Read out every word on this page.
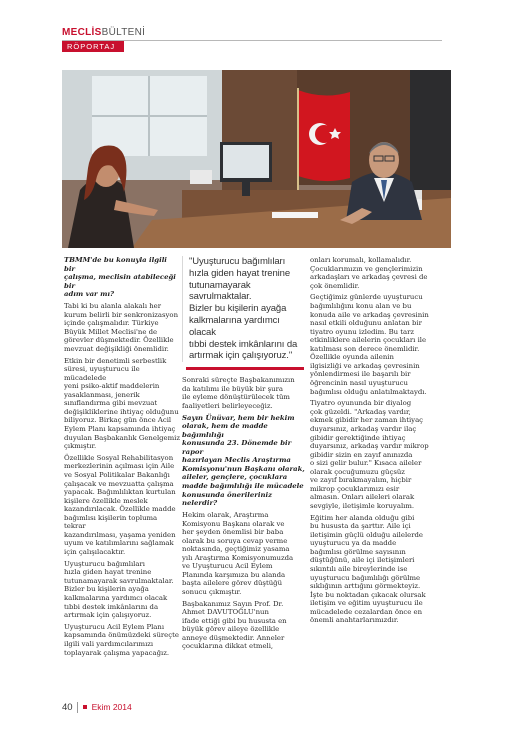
MECLİSBÜLTENİ
RÖPORTAJ

TBMM'de bu konuyla ilgili bir
çalışma, meclisin atabileceği bir
adım var mı?

Tabi ki bu alanla alakalı her
kurum belirli bir senkronizasyon
içinde çalışmalıdır. Türkiye
Büyük Millet Meclisi'ne de
görevler düşmektedir. Özellikle
mevzuat değişikliği önemlidir.

Etkin bir denetimli serbestlik
süresi, uyuşturucu ile mücadelede
yeni psiko-aktif maddelerin
yasaklanması, jenerik
sınıflandırma gibi mevzuat
değişikliklerine ihtiyaç olduğunu
biliyoruz. Birkaç gün önce Acil
Eylem Planı kapsamında ihtiyaç
duyulan Başbakanlık Genelgemiz
çıkmıştır.

Özellikle Sosyal Rehabilitasyon
merkezlerinin açılması için Aile
ve Sosyal Politikalar Bakanlığı
çalışacak ve mevzuatta çalışma
yapacak. Bağımlılıktan kurtulan
kişilere özellikle meslek
kazandırılacak. Özellikle madde
bağımlısı kişilerin topluma tekrar
kazandırılması, yaşama yeniden
uyum ve katılımlarını sağlamak
için çalışılacaktır.

Uyuşturucu bağımlıları
hızla giden hayat trenine
tutunamayarak savrulmaktalar.
Bizler bu kişilerin ayağa
kalkmalarına yardımcı olacak
tıbbi destek imkânlarını da
artırmak için çalışıyoruz.

Uyuşturucu Acil Eylem Planı
kapsamında önümüzdeki süreçte
ilgili vali yardımcılarımızı
toplayarak çalışma yapacağız.

"Uyuşturucu bağımlıları
hızla giden hayat trenine
tutunamayarak savrulmaktalar.
Bizler bu kişilerin ayağa
kalkmalarına yardımcı olacak
tıbbi destek imkânlarını da
artırmak için çalışıyoruz."

Sonraki süreçte Başbakanımızın
da katılımı ile büyük bir şura
ile eyleme dönüştürülecek tüm
faaliyetleri belirleyeceğiz.

Sayın Ünüvar, hem bir hekim
olarak, hem de madde bağımlılığı
konusunda 23. Dönemde bir rapor
hazırlayan Meclis Araştırma
Komisyonu'nun Başkanı olarak,
aileler, gençlere, çocuklara
madde bağımlılığı ile mücadele
konusunda önerileriniz nelerdir?

Hekim olarak, Araştırma
Komisyonu Başkanı olarak ve
her şeyden önemlisi bir baba
olarak bu soruya cevap verme
noktasında, geçtiğimiz yasama
yılı Araştırma Komisyonumuzda
ve Uyuşturucu Acil Eylem
Planında karşımıza bu alanda
başta ailelere görev düştüğü
sonucu çıkmıştır.

Başbakanımız Sayın Prof. Dr.
Ahmet DAVUTOĞLU'nun
ifade ettiği gibi bu hususta en
büyük görev aileye özellikle
anneye düşmektedir. Anneler
çocuklarına dikkat etmeli,

onları korumalı, kollamalıdır.
Çocuklarımızın ve gençlerimizin
arkadaşları ve arkadaş çevresi de
çok önemlidir.

Geçtiğimiz günlerde uyuşturucu
bağımlılığını konu alan ve bu
konuda aile ve arkadaş çevresinin
nasıl etkili olduğunu anlatan bir
tiyatro oyunu izledim. Bu tarz
etkinliklere ailelerin çocukları ile
katılması son derece önemlidir.
Özellikle oyunda ailenin
ilgisizliği ve arkadaş çevresinin
yönlendirmesi ile başarılı bir
öğrencinin nasıl uyuşturucu
bağımlısı olduğu anlatılmaktaydı.

Tiyatro oyununda bir diyalog
çok güzeldi. "Arkadaş vardır,
ekmek gibidir her zaman ihtiyaç
duyarsınız, arkadaş vardır ilaç
gibidir gerektiğinde ihtiyaç
duyarsınız, arkadaş vardır mikrop
gibidir sizin en zayıf anınızda
o sizi gelir bulur." Kısaca aileler
olarak çocuğumuzu güçsüz
ve zayıf bırakmayalım, hiçbir
mikrop çocuklarımızı esir
almasın. Onları aileleri olarak
sevgiyle, iletişimle koruyalım.

Eğitim her alanda olduğu gibi
bu hususta da şarttır. Aile içi
iletişimin güçlü olduğu ailelerde
uyuşturucu ya da madde
bağımlısı görülme sayısının
düştüğünü, aile içi iletişimleri
sıkıntılı aile bireylerinde ise
uyuşturucu bağımlılığı görülme
sıklığının arttığını görmekteyiz.
İşte bu noktadan çıkacak olursak
iletişim ve eğitim uyuşturucu ile
mücadelede cezalardan önce en
önemli anahtarlarımızdır.

40	Ekim 2014
